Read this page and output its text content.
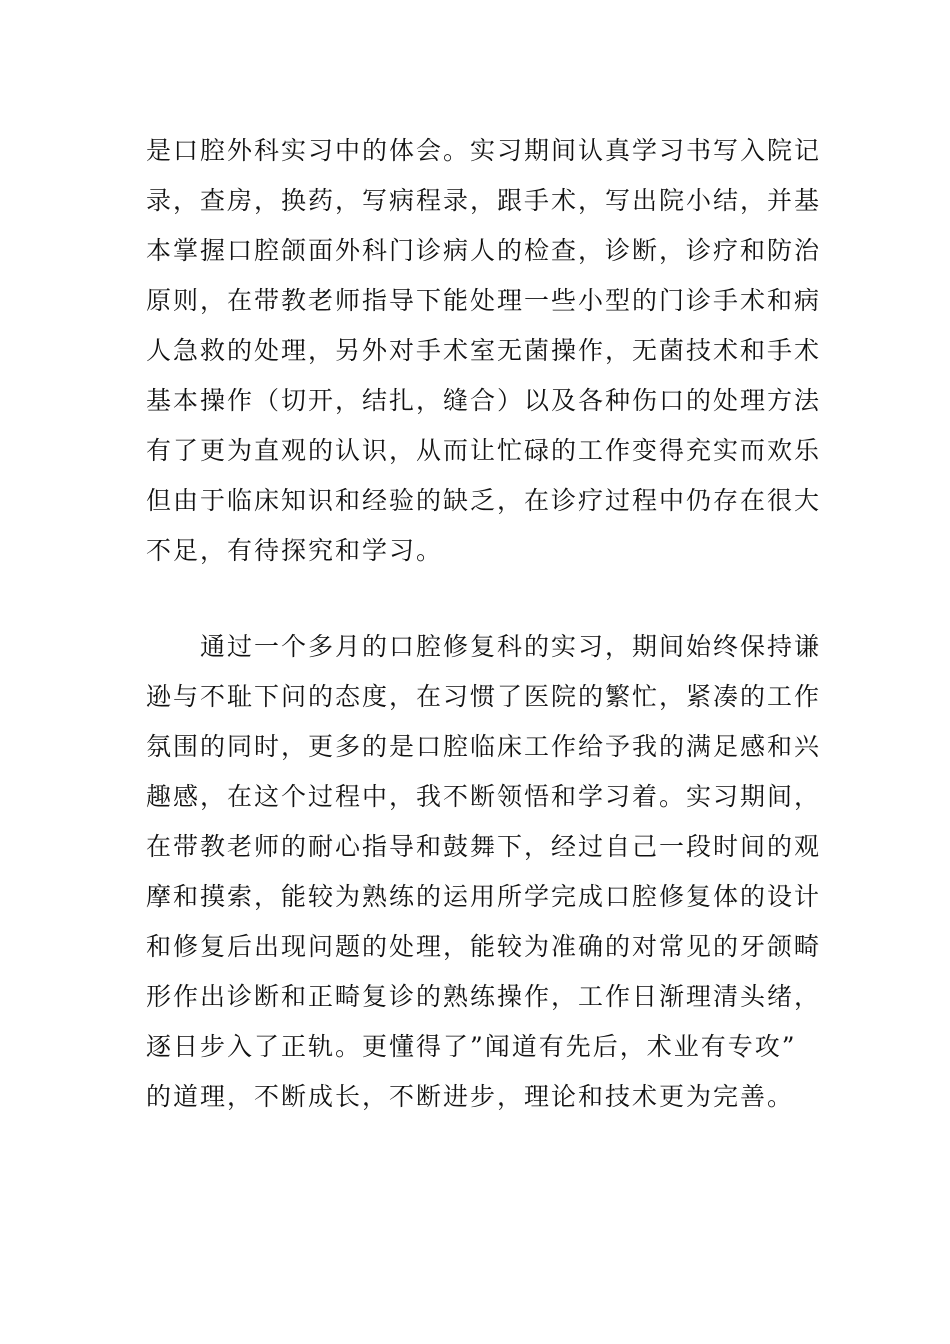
是口腔外科实习中的体会。实习期间认真学习书写入院记
录，查房，换药，写病程录，跟手术，写出院小结，并基
本掌握口腔颌面外科门诊病人的检查，诊断，诊疗和防治
原则，在带教老师指导下能处理一些小型的门诊手术和病
人急救的处理，另外对手术室无菌操作，无菌技术和手术
基本操作（切开，结扎，缝合）以及各种伤口的处理方法
有了更为直观的认识，从而让忙碌的工作变得充实而欢乐
但由于临床知识和经验的缺乏，在诊疗过程中仍存在很大
不足，有待探究和学习。
　　通过一个多月的口腔修复科的实习，期间始终保持谦
逊与不耻下问的态度，在习惯了医院的繁忙，紧凑的工作
氛围的同时，更多的是口腔临床工作给予我的满足感和兴
趣感，在这个过程中，我不断领悟和学习着。实习期间，
在带教老师的耐心指导和鼓舞下，经过自己一段时间的观
摩和摸索，能较为熟练的运用所学完成口腔修复体的设计
和修复后出现问题的处理，能较为准确的对常见的牙颌畸
形作出诊断和正畸复诊的熟练操作，工作日渐理清头绪，
逐日步入了正轨。更懂得了”闻道有先后，术业有专攻”
的道理，不断成长，不断进步，理论和技术更为完善。
